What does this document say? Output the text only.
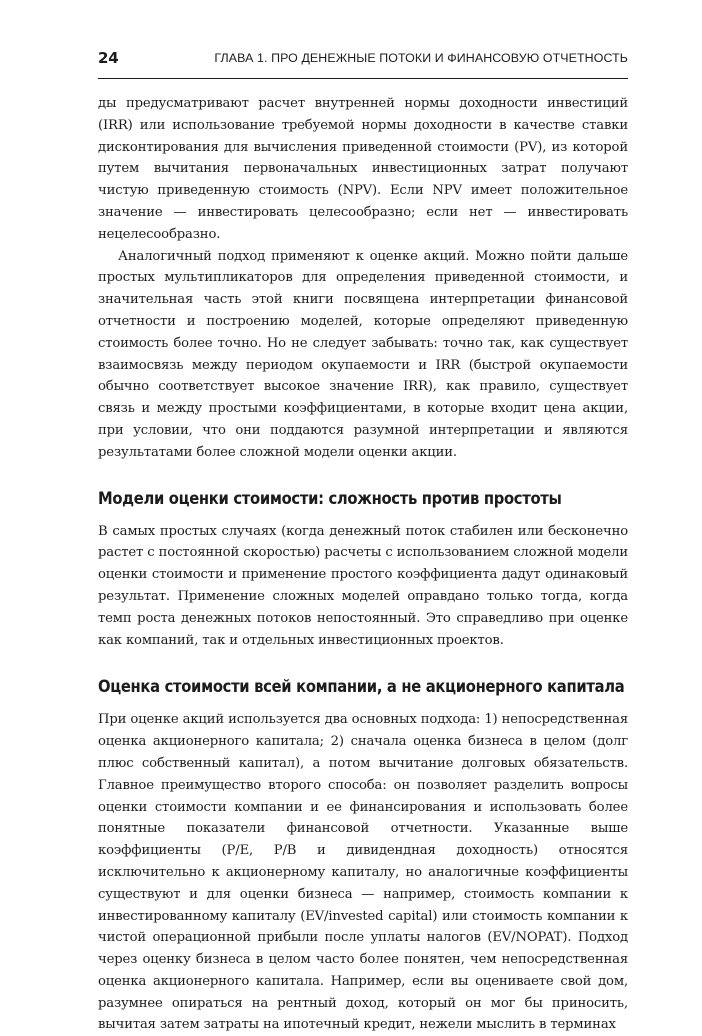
24	ГЛАВА 1. ПРО ДЕНЕЖНЫЕ ПОТОКИ И ФИНАНСОВУЮ ОТЧЕТНОСТЬ

ды предусматривают расчет внутренней нормы доходности инвестиций (IRR) или использование требуемой нормы доходности в качестве ставки дисконтирования для вычисления приведенной стоимости (PV), из которой путем вычитания первоначальных инвестиционных затрат получают чистую приведенную стоимость (NPV). Если NPV имеет положительное значение — инвестировать целесообразно; если нет — инвестировать нецелесообразно.

Аналогичный подход применяют к оценке акций. Можно пойти дальше простых мультипликаторов для определения приведенной стоимости, и значительная часть этой книги посвящена интерпретации финансовой отчетности и построению моделей, которые определяют приведенную стоимость более точно. Но не следует забывать: точно так, как существует взаимосвязь между периодом окупаемости и IRR (быстрой окупаемости обычно соответствует высокое значение IRR), как правило, существует связь и между простыми коэффициентами, в которые входит цена акции, при условии, что они поддаются разумной интерпретации и являются результатами более сложной модели оценки акции.

Модели оценки стоимости: сложность против простоты

В самых простых случаях (когда денежный поток стабилен или бесконечно растет с постоянной скоростью) расчеты с использованием сложной модели оценки стоимости и применение простого коэффициента дадут одинаковый результат. Применение сложных моделей оправдано только тогда, когда темп роста денежных потоков непостоянный. Это справедливо при оценке как компаний, так и отдельных инвестиционных проектов.

Оценка стоимости всей компании, а не акционерного капитала

При оценке акций используется два основных подхода: 1) непосредственная оценка акционерного капитала; 2) сначала оценка бизнеса в целом (долг плюс собственный капитал), а потом вычитание долговых обязательств. Главное преимущество второго способа: он позволяет разделить вопросы оценки стоимости компании и ее финансирования и использовать более понятные показатели финансовой отчетности. Указанные выше коэффициенты (P/E, P/B и дивидендная доходность) относятся исключительно к акционерному капиталу, но аналогичные коэффициенты существуют и для оценки бизнеса — например, стоимость компании к инвестированному капиталу (EV/invested capital) или стоимость компании к чистой операционной прибыли после уплаты налогов (EV/NOPAT). Подход через оценку бизнеса в целом часто более понятен, чем непосредственная оценка акционерного капитала. Например, если вы оцениваете свой дом, разумнее опираться на рентный доход, который он мог бы приносить, вычитая затем затраты на ипотечный кредит, нежели мыслить в терминах
